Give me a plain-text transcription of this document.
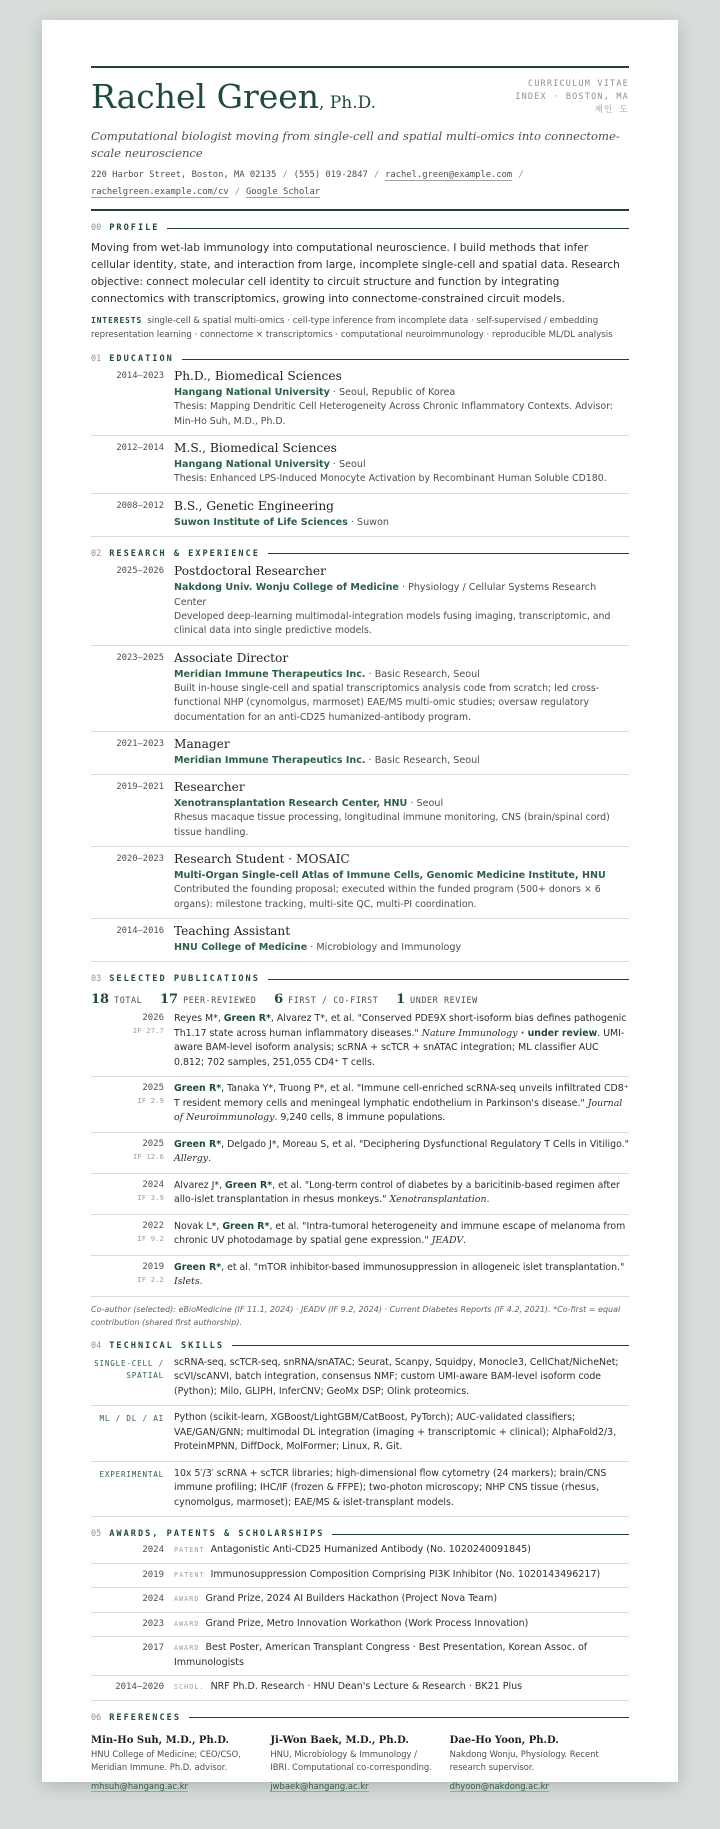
Rachel Green, Ph.D.
CURRICULUM VITAE
INDEX · BOSTON, MA
제인 도
Computational biologist moving from single-cell and spatial multi-omics into connectome-scale neuroscience
220 Harbor Street, Boston, MA 02135 / (555) 019-2847 / rachel.green@example.com /
rachelgreen.example.com/cv / Google Scholar
00 PROFILE
Moving from wet-lab immunology into computational neuroscience. I build methods that infer cellular identity, state, and interaction from large, incomplete single-cell and spatial data. Research objective: connect molecular cell identity to circuit structure and function by integrating connectomics with transcriptomics, growing into connectome-constrained circuit models.
INTERESTS single-cell & spatial multi-omics · cell-type inference from incomplete data · self-supervised / embedding representation learning · connectome × transcriptomics · computational neuroimmunology · reproducible ML/DL analysis
01 EDUCATION
2014–2023 Ph.D., Biomedical Sciences
Hangang National University · Seoul, Republic of Korea
Thesis: Mapping Dendritic Cell Heterogeneity Across Chronic Inflammatory Contexts. Advisor: Min-Ho Suh, M.D., Ph.D.
2012–2014 M.S., Biomedical Sciences
Hangang National University · Seoul
Thesis: Enhanced LPS-Induced Monocyte Activation by Recombinant Human Soluble CD180.
2008–2012 B.S., Genetic Engineering
Suwon Institute of Life Sciences · Suwon
02 RESEARCH & EXPERIENCE
2025–2026 Postdoctoral Researcher
Nakdong Univ. Wonju College of Medicine · Physiology / Cellular Systems Research Center
Developed deep-learning multimodal-integration models fusing imaging, transcriptomic, and clinical data into single predictive models.
2023–2025 Associate Director
Meridian Immune Therapeutics Inc. · Basic Research, Seoul
Built in-house single-cell and spatial transcriptomics analysis code from scratch; led cross-functional NHP (cynomolgus, marmoset) EAE/MS multi-omic studies; oversaw regulatory documentation for an anti-CD25 humanized-antibody program.
2021–2023 Manager
Meridian Immune Therapeutics Inc. · Basic Research, Seoul
2019–2021 Researcher
Xenotransplantation Research Center, HNU · Seoul
Rhesus macaque tissue processing, longitudinal immune monitoring, CNS (brain/spinal cord) tissue handling.
2020–2023 Research Student · MOSAIC
Multi-Organ Single-cell Atlas of Immune Cells, Genomic Medicine Institute, HNU
Contributed the founding proposal; executed within the funded program (500+ donors × 6 organs): milestone tracking, multi-site QC, multi-PI coordination.
2014–2016 Teaching Assistant
HNU College of Medicine · Microbiology and Immunology
03 SELECTED PUBLICATIONS
18 TOTAL 17 PEER-REVIEWED 6 FIRST / CO-FIRST 1 UNDER REVIEW
2026
IF 27.7
Reyes M*, Green R*, Alvarez T*, et al. "Conserved PDE9X short-isoform bias defines pathogenic Th1.17 state across human inflammatory diseases." Nature Immunology · under review. UMI-aware BAM-level isoform analysis; scRNA + scTCR + snATAC integration; ML classifier AUC 0.812; 702 samples, 251,055 CD4⁺ T cells.
2025
IF 2.9
Green R*, Tanaka Y*, Truong P*, et al. "Immune cell-enriched scRNA-seq unveils infiltrated CD8⁺ T resident memory cells and meningeal lymphatic endothelium in Parkinson's disease." Journal of Neuroimmunology. 9,240 cells, 8 immune populations.
2025
IF 12.6
Green R*, Delgado J*, Moreau S, et al. "Deciphering Dysfunctional Regulatory T Cells in Vitiligo." Allergy.
2024
IF 3.9
Alvarez J*, Green R*, et al. "Long-term control of diabetes by a baricitinib-based regimen after allo-islet transplantation in rhesus monkeys." Xenotransplantation.
2022
IF 9.2
Novak L*, Green R*, et al. "Intra-tumoral heterogeneity and immune escape of melanoma from chronic UV photodamage by spatial gene expression." JEADV.
2019
IF 2.2
Green R*, et al. "mTOR inhibitor-based immunosuppression in allogeneic islet transplantation." Islets.
Co-author (selected): eBioMedicine (IF 11.1, 2024) · JEADV (IF 9.2, 2024) · Current Diabetes Reports (IF 4.2, 2021). *Co-first = equal contribution (shared first authorship).
04 TECHNICAL SKILLS
SINGLE-CELL / SPATIAL
scRNA-seq, scTCR-seq, snRNA/snATAC; Seurat, Scanpy, Squidpy, Monocle3, CellChat/NicheNet; scVI/scANVI, batch integration, consensus NMF; custom UMI-aware BAM-level isoform code (Python); Milo, GLIPH, InferCNV; GeoMx DSP; Olink proteomics.
ML / DL / AI	Python (scikit-learn, XGBoost/LightGBM/CatBoost, PyTorch); AUC-validated classifiers; VAE/GAN/GNN; multimodal DL integration (imaging + transcriptomic + clinical); AlphaFold2/3, ProteinMPNN, DiffDock, MolFormer; Linux, R, Git.
EXPERIMENTAL	10x 5′/3′ scRNA + scTCR libraries; high-dimensional flow cytometry (24 markers); brain/CNS immune profiling; IHC/IF (frozen & FFPE); two-photon microscopy; NHP CNS tissue (rhesus, cynomolgus, marmoset); EAE/MS & islet-transplant models.
05 AWARDS, PATENTS & SCHOLARSHIPS
2024	PATENT Antagonistic Anti-CD25 Humanized Antibody (No. 1020240091845)
2019	PATENT Immunosuppression Composition Comprising PI3K Inhibitor (No. 1020143496217)
2024	AWARD Grand Prize, 2024 AI Builders Hackathon (Project Nova Team)
2023	AWARD Grand Prize, Metro Innovation Workathon (Work Process Innovation)
2017	AWARD Best Poster, American Transplant Congress · Best Presentation, Korean Assoc. of Immunologists
2014–2020	SCHOL. NRF Ph.D. Research · HNU Dean's Lecture & Research · BK21 Plus
06 REFERENCES
Min-Ho Suh, M.D., Ph.D.
HNU College of Medicine; CEO/CSO, Meridian Immune. Ph.D. advisor.
mhsuh@hangang.ac.kr
Ji-Won Baek, M.D., Ph.D.
HNU, Microbiology & Immunology / IBRI. Computational co-corresponding.
jwbaek@hangang.ac.kr
Dae-Ho Yoon, Ph.D.
Nakdong Wonju, Physiology. Recent research supervisor.
dhyoon@nakdong.ac.kr
